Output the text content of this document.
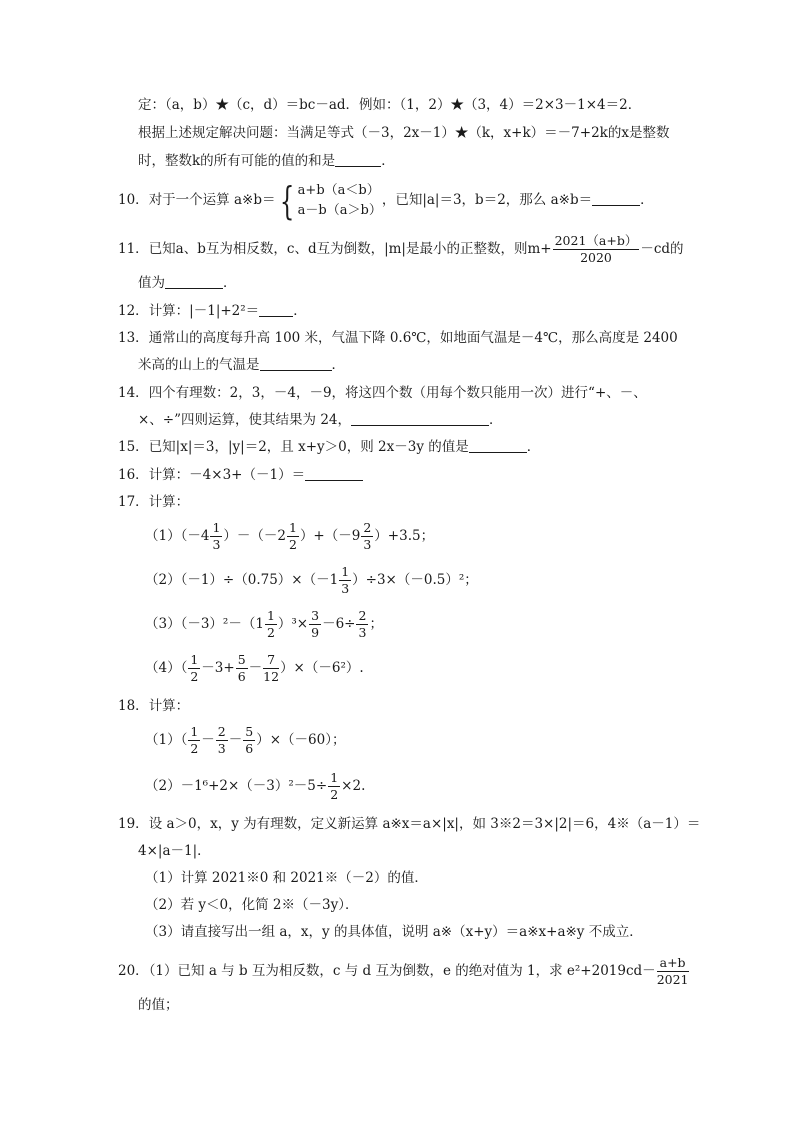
定：（a，b）★（c，d）＝bc－ad．例如：（1，2）★（3，4）＝2×3－1×4＝2．
根据上述规定解决问题：当满足等式（－3，2x－1）★（k，x+k）＝－7+2k的x是整数
时，整数k的所有可能的值的和是	．
10．对于一个运算 a※b＝ { a+b（a＜b）
a－b（a＞b）
，已知|a|＝3，b＝2，那么 a※b＝	．
11．已知a、b互为相反数，c、d互为倒数，|m|是最小的正整数，则$m+ \frac{2021(a+b)}{2020} -cd$的
值为	．
12．计算：|－1|+2²＝	．
13．通常山的高度每升高 100 米，气温下降 0.6℃，如地面气温是－4℃，那么高度是 2400
米高的山上的气温是	．
14．四个有理数：2，3，－4，－9，将这四个数（用每个数只能用一次）进行“+、－、
×、÷”四则运算，使其结果为 24，	．
15．已知|x|＝3，|y|＝2，且 x+y＞0，则 2x－3y 的值是	．
16．计算：－4×3+（－1）＝
17．计算：
$(1)(-4 \frac{1}{3} )-(-2 \frac{1}{2} )+(-9 \frac{2}{3} )+3.5$；
$(2)(-1)\div(0.75)\times(-1 \frac{1}{3} )\div 3\times(-0.5)^2$；
$(3)(-3)^2-(1 \frac{1}{2} )^3\times \frac{3}{9} -6\div \frac{2}{3}$ ；
$(4)( \frac{1}{2} -3+ \frac{5}{6} - \frac{7}{12} )\times(-6^2)$.
18．计算：
$(1)( \frac{1}{2} - \frac{2}{3} - \frac{5}{6} )\times(-60)$；
$(2)-1^6+2\times(-3)^2-5\div \frac{1}{2} \times 2$.
19．设 a＞0，x，y 为有理数，定义新运算 a※x＝a×|x|，如 3※2＝3×|2|＝6，4※（a－1）＝
4×|a－1|．
（1）计算 2021※0 和 2021※（－2）的值．
（2）若 y＜0，化简 2※（－3y）．
（3）请直接写出一组 a，x，y 的具体值，说明 a※（x+y）＝a※x+a※y 不成立．
20．（1）已知 a 与 b 互为相反数，c 与 d 互为倒数，e 的绝对值为 1，求 $e^2+2019cd- \frac{a+b}{2021}$
的值；
